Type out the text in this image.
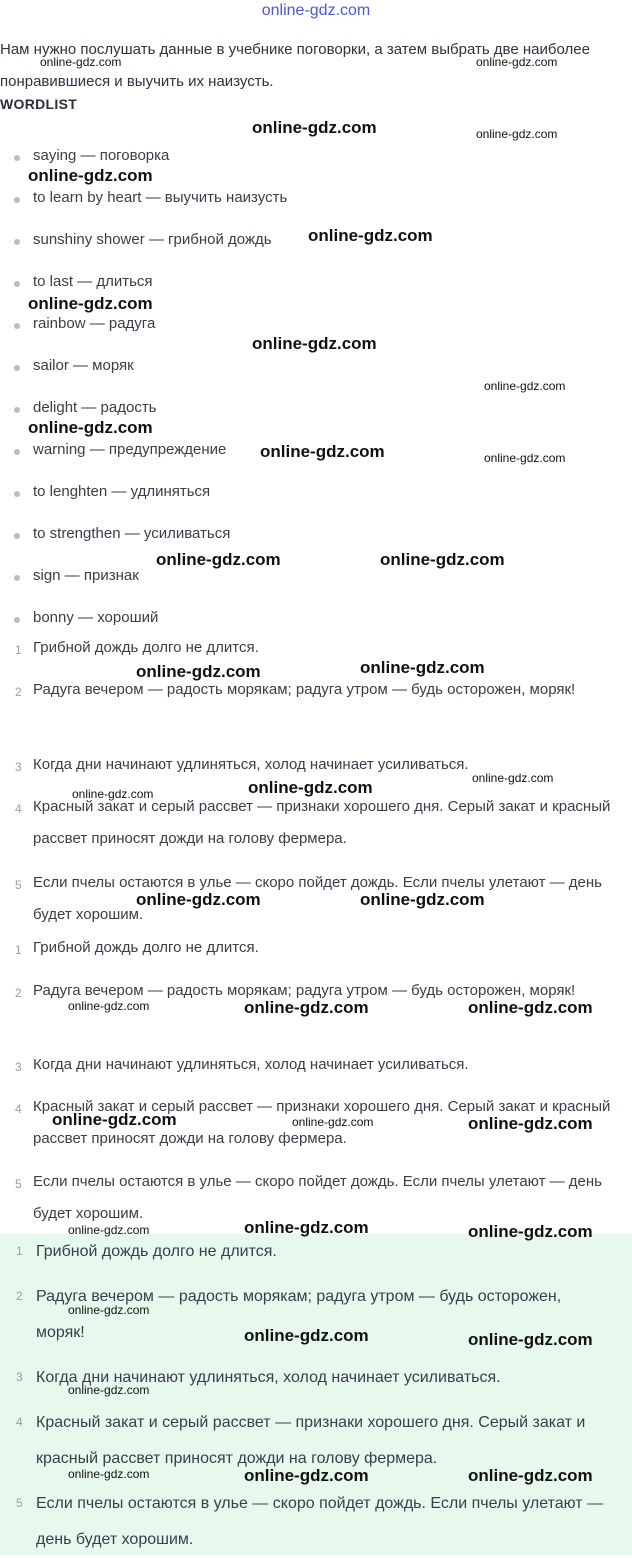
online-gdz.com
Нам нужно послушать данные в учебнике поговорки, а затем выбрать две наиболее понравившиеся и выучить их наизусть.
WORDLIST
saying — поговорка
to learn by heart — выучить наизусть
sunshiny shower — грибной дождь
to last — длиться
rainbow — радуга
sailor — моряк
delight — радость
warning — предупреждение
to lenghten — удлиняться
to strengthen — усиливаться
sign — признак
bonny — хороший
1 Грибной дождь долго не длится.
2 Радуга вечером — радость морякам; радуга утром — будь осторожен, моряк!
3 Когда дни начинают удлиняться, холод начинает усиливаться.
4 Красный закат и серый рассвет — признаки хорошего дня. Серый закат и красный рассвет приносят дожди на голову фермера.
5 Если пчелы остаются в улье — скоро пойдет дождь. Если пчелы улетают — день будет хорошим.
1 Грибной дождь долго не длится.
2 Радуга вечером — радость морякам; радуга утром — будь осторожен, моряк!
3 Когда дни начинают удлиняться, холод начинает усиливаться.
4 Красный закат и серый рассвет — признаки хорошего дня. Серый закат и красный рассвет приносят дожди на голову фермера.
5 Если пчелы остаются в улье — скоро пойдет дождь. Если пчелы улетают — день будет хорошим.
1 Грибной дождь долго не длится.
2 Радуга вечером — радость морякам; радуга утром — будь осторожен, моряк!
3 Когда дни начинают удлиняться, холод начинает усиливаться.
4 Красный закат и серый рассвет — признаки хорошего дня. Серый закат и красный рассвет приносят дожди на голову фермера.
5 Если пчелы остаются в улье — скоро пойдет дождь. Если пчелы улетают — день будет хорошим.
online-gdz.com	online-gdz.com
online-gdz.com	online-gdz.com
online-gdz.com
online-gdz.com
online-gdz.com
online-gdz.com
online-gdz.com
online-gdz.com
online-gdz.com	online-gdz.com
online-gdz.com	online-gdz.com
online-gdz.com
online-gdz.com
online-gdz.com
online-gdz.com
online-gdz.com
online-gdz.com	online-gdz.com
online-gdz.com	online-gdz.com	online-gdz.com
online-gdz.com	online-gdz.com	online-gdz.com
online-gdz.com
online-gdz.com	online-gdz.com
online-gdz.com
online-gdz.com	online-gdz.com
online-gdz.com
online-gdz.com	online-gdz.com	online-gdz.com
